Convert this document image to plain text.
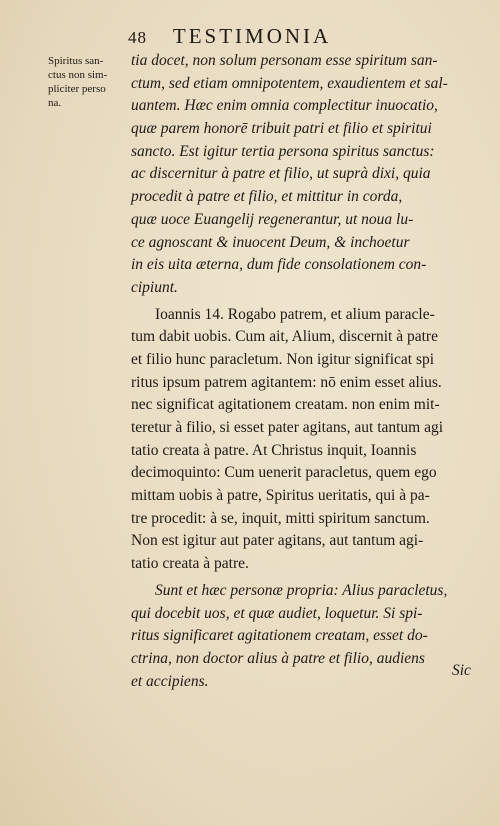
48 TESTIMONIA
Spiritus san-
ctus non sim-
pliciter perso
na.
tia docet, non solum personam esse spiritum san-
ctum, sed etiam omnipotentem, exaudientem et sal-
uantem. Hæc enim omnia complectitur inuocatio,
quæ parem honorē tribuit patri et filio et spiritui
sancto. Est igitur tertia persona spiritus sanctus:
ac discernitur à patre et filio, ut suprà dixi, quia
procedit à patre et filio, et mittitur in corda,
quæ uoce Euangelij regenerantur, ut noua lu-
ce agnoscant & inuocent Deum, & inchoetur
in eis uita æterna, dum fide consolationem con-
cipiunt.
Ioannis 14. Rogabo patrem, et alium paracle-
tum dabit uobis. Cum ait, Alium, discernit à patre
et filio hunc paracletum. Non igitur significat spi
ritus ipsum patrem agitantem: nō enim esset alius.
nec significat agitationem creatam. non enim mit-
teretur à filio, si esset pater agitans, aut tantum agi
tatio creata à patre. At Christus inquit, Ioannis
decimoquinto: Cum uenerit paracletus, quem ego
mittam uobis à patre, Spiritus ueritatis, qui à pa-
tre procedit: à se, inquit, mitti spiritum sanctum.
Non est igitur aut pater agitans, aut tantum agi-
tatio creata à patre.
Sunt et hæc personæ propria: Alius paracletus,
qui docebit uos, et quæ audiet, loquetur. Si spi-
ritus significaret agitationem creatam, esset do-
ctrina, non doctor alius à patre et filio, audiens
et accipiens.
Sic
